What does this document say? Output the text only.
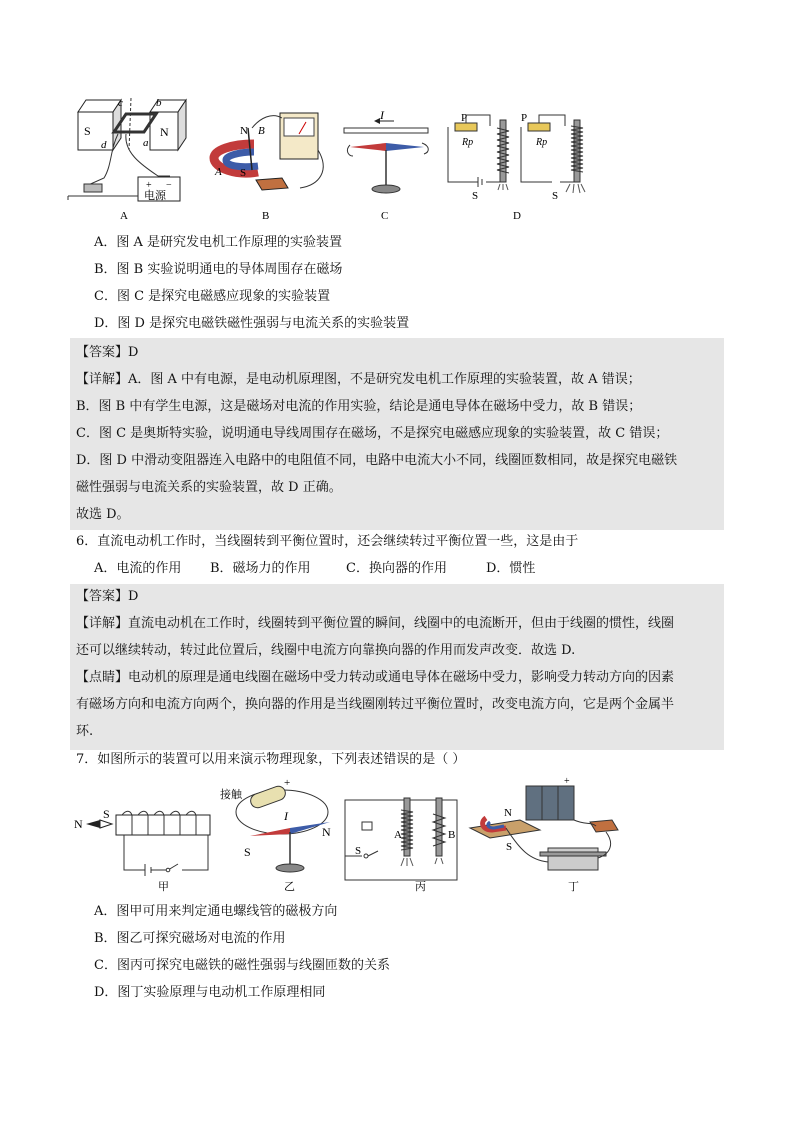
S	N
c	b
d	a
+ −
电源
N B
A S
I	P
Rp
S
P
Rp
S
A	B	C	D
A．图 A 是研究发电机工作原理的实验装置
B．图 B 实验说明通电的导体周围存在磁场
C．图 C 是探究电磁感应现象的实验装置
D．图 D 是探究电磁铁磁性强弱与电流关系的实验装置
【答案】D
【详解】A．图 A 中有电源，是电动机原理图，不是研究发电机工作原理的实验装置，故 A 错误；
B．图 B 中有学生电源，这是磁场对电流的作用实验，结论是通电导体在磁场中受力，故 B 错误；
C．图 C 是奥斯特实验，说明通电导线周围存在磁场，不是探究电磁感应现象的实验装置，故 C 错误；
D．图 D 中滑动变阻器连入电路中的电阻值不同，电路中电流大小不同，线圈匝数相同，故是探究电磁铁
磁性强弱与电流关系的实验装置，故 D 正确。
故选 D。
6．直流电动机工作时，当线圈转到平衡位置时，还会继续转过平衡位置一些，这是由于
A．电流的作用 B．磁场力的作用	C．换向器的作用	D．惯性
【答案】D
【详解】直流电动机在工作时，线圈转到平衡位置的瞬间，线圈中的电流断开，但由于线圈的惯性，线圈
还可以继续转动，转过此位置后，线圈中电流方向靠换向器的作用而发声改变．故选 D.
【点睛】电动机的原理是通电线圈在磁场中受力转动或通电导体在磁场中受力，影响受力转动方向的因素
有磁场方向和电流方向两个，换向器的作用是当线圈刚转过平衡位置时，改变电流方向，它是两个金属半
环.
7．如图所示的装置可以用来演示物理现象，下列表述错误的是（ ）
N
S
接触
+
I
S
N	A	B
S
N
S
+
甲	乙	丙	丁
A．图甲可用来判定通电螺线管的磁极方向
B．图乙可探究磁场对电流的作用
C．图丙可探究电磁铁的磁性强弱与线圈匝数的关系
D．图丁实验原理与电动机工作原理相同
